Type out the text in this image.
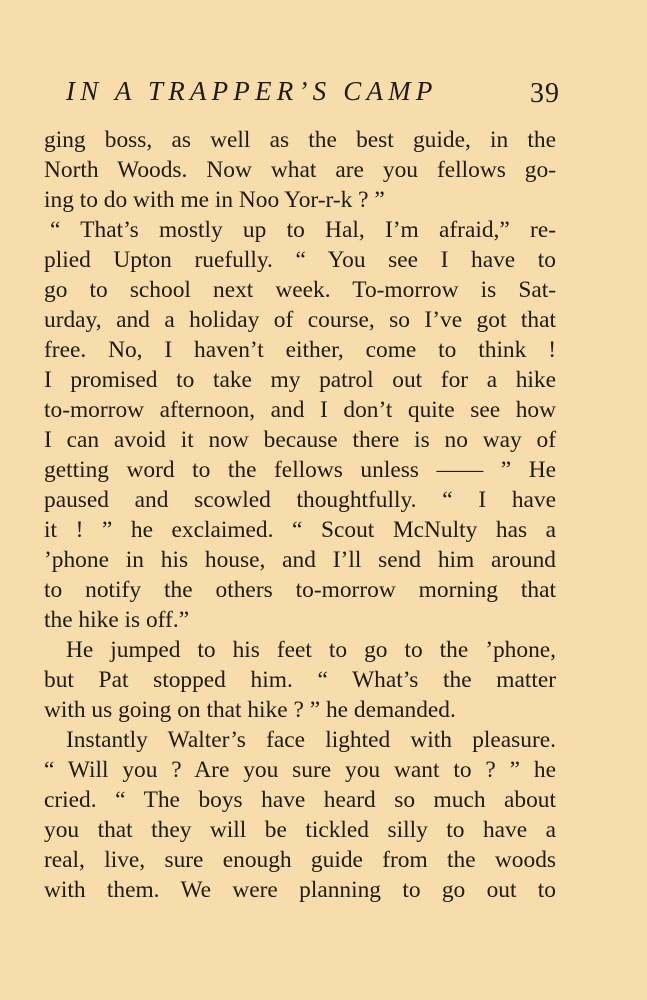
IN A TRAPPER’S CAMP	39
ging boss, as well as the best guide, in the
North Woods. Now what are you fellows go-
ing to do with me in Noo Yor-r-k ? ”
“ That’s mostly up to Hal, I’m afraid,” re-
plied Upton ruefully. “ You see I have to
go to school next week. To-morrow is Sat-
urday, and a holiday of course, so I’ve got that
free. No, I haven’t either, come to think !
I promised to take my patrol out for a hike
to-morrow afternoon, and I don’t quite see how
I can avoid it now because there is no way of
getting word to the fellows unless —— ” He
paused and scowled thoughtfully. “ I have
it ! ” he exclaimed. “ Scout McNulty has a
’phone in his house, and I’ll send him around
to notify the others to-morrow morning that
the hike is off.”
He jumped to his feet to go to the ’phone,
but Pat stopped him. “ What’s the matter
with us going on that hike ? ” he demanded.
Instantly Walter’s face lighted with pleasure.
“ Will you ? Are you sure you want to ? ” he
cried. “ The boys have heard so much about
you that they will be tickled silly to have a
real, live, sure enough guide from the woods
with them. We were planning to go out to
